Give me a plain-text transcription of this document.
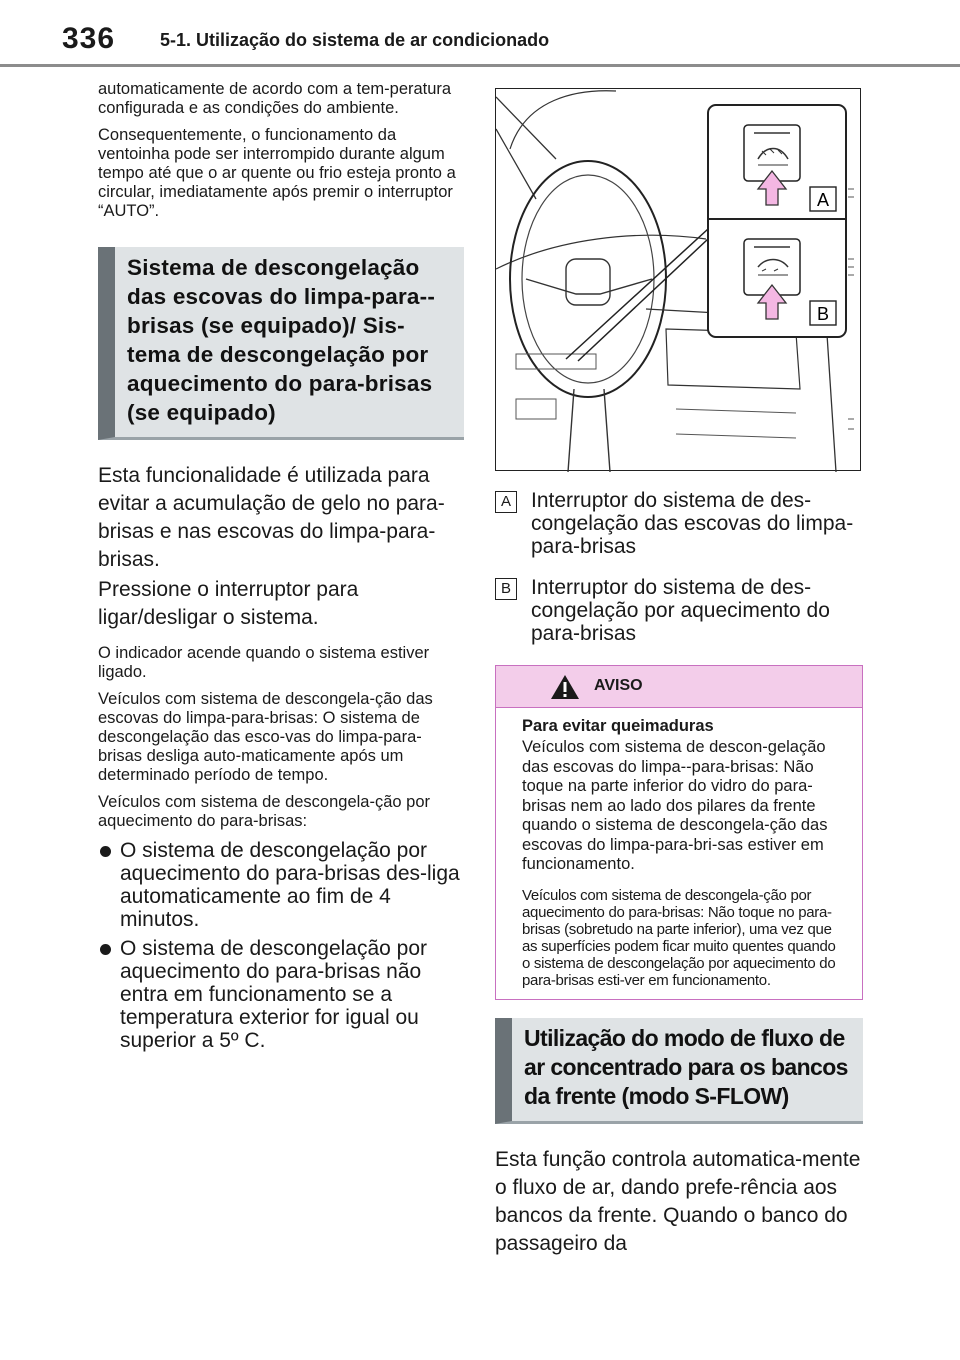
336 5-1. Utilização do sistema de ar condicionado

automaticamente de acordo com a tem-peratura configurada e as condições do ambiente.

Consequentemente, o funcionamento da ventoinha pode ser interrompido durante algum tempo até que o ar quente ou frio esteja pronto a circular, imediatamente após premir o interruptor “AUTO”.

Sistema de descongelação das escovas do limpa-para--brisas (se equipado)/ Sis-tema de descongelação por aquecimento do para-brisas (se equipado)

Esta funcionalidade é utilizada para evitar a acumulação de gelo no para-brisas e nas escovas do limpa-para-brisas.

Pressione o interruptor para ligar/desligar o sistema.

O indicador acende quando o sistema estiver ligado.

Veículos com sistema de descongela-ção das escovas do limpa-para-brisas: O sistema de descongelação das esco-vas do limpa-para-brisas desliga auto-maticamente após um determinado período de tempo.

Veículos com sistema de descongela-ção por aquecimento do para-brisas:

O sistema de descongelação por aquecimento do para-brisas des-liga automaticamente ao fim de 4 minutos.
O sistema de descongelação por aquecimento do para-brisas não entra em funcionamento se a temperatura exterior for igual ou superior a 5º C.
A
B
A Interruptor do sistema de des-congelação das escovas do limpa-para-brisas

B Interruptor do sistema de des-congelação por aquecimento do para-brisas

AVISO

Para evitar queimaduras

Veículos com sistema de descon-gelação das escovas do limpa--para-brisas: Não toque na parte inferior do vidro do para-brisas nem ao lado dos pilares da frente quando o sistema de descongela-ção das escovas do limpa-para-bri-sas estiver em funcionamento.

Veículos com sistema de descongela-ção por aquecimento do para-brisas: Não toque no para-brisas (sobretudo na parte inferior), uma vez que as superfícies podem ficar muito quentes quando o sistema de descongelação por aquecimento do para-brisas esti-ver em funcionamento.

Utilização do modo de fluxo de ar concentrado para os bancos da frente (modo S-FLOW)

Esta função controla automatica-mente o fluxo de ar, dando prefe-rência aos bancos da frente. Quando o banco do passageiro da
